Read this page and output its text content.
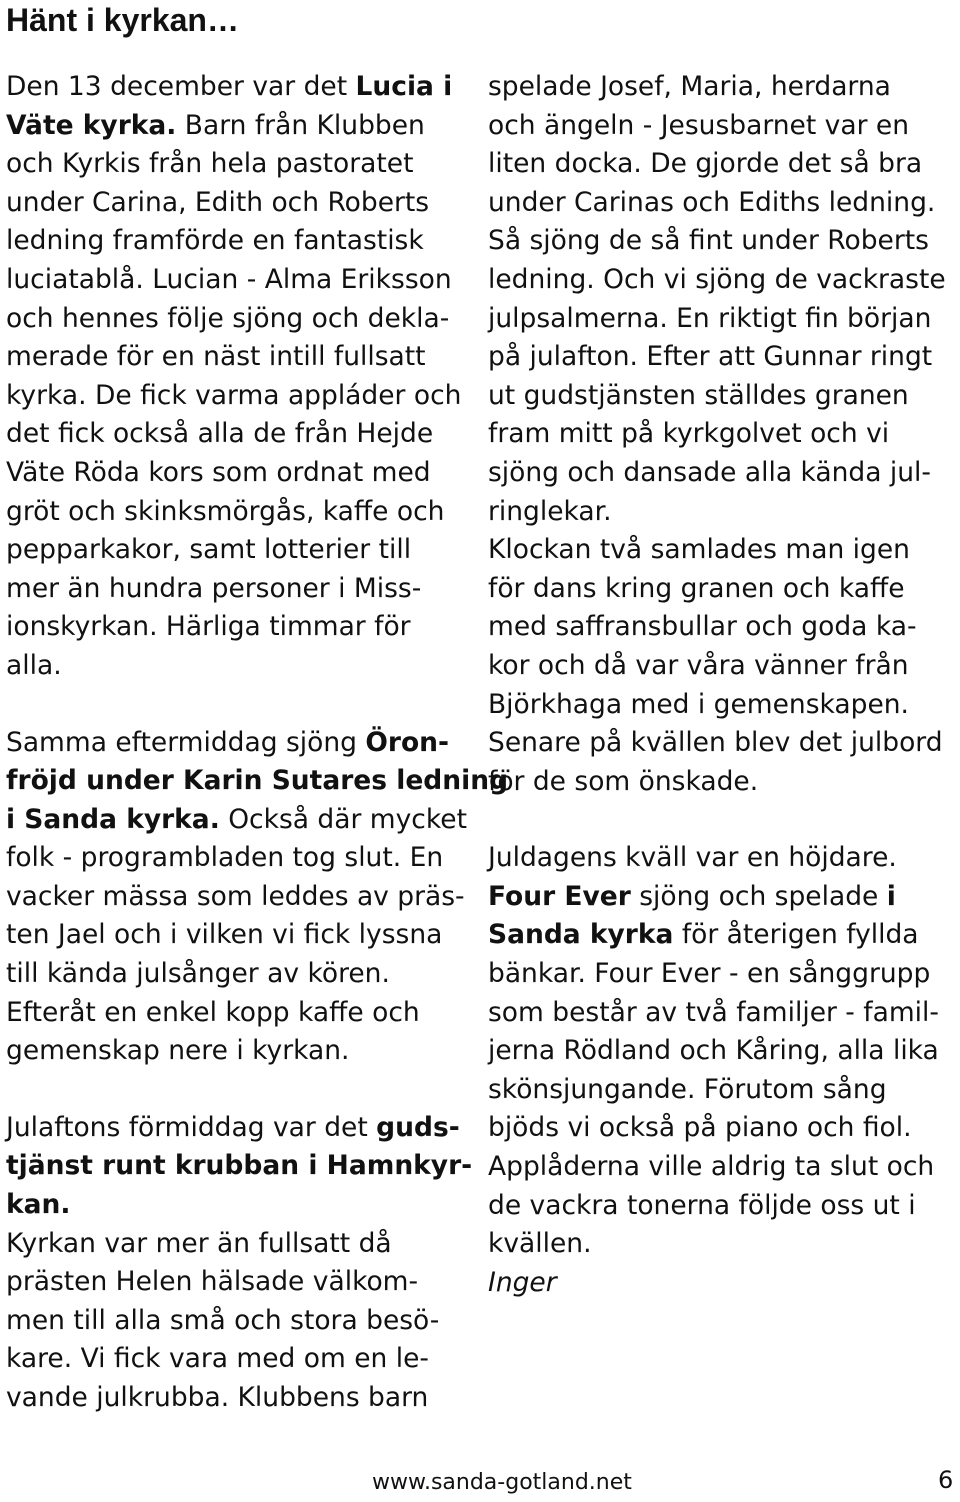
Hänt i kyrkan…
Den 13 december var det Lucia i
Väte kyrka. Barn från Klubben
och Kyrkis från hela pastoratet
under Carina, Edith och Roberts
ledning framförde en fantastisk
luciatablå. Lucian - Alma Eriksson
och hennes följe sjöng och dekla-
merade för en näst intill fullsatt
kyrka. De fick varma appláder och
det fick också alla de från Hejde
Väte Röda kors som ordnat med
gröt och skinksmörgås, kaffe och
pepparkakor, samt lotterier till
mer än hundra personer i Miss-
ionskyrkan. Härliga timmar för
alla.
Samma eftermiddag sjöng Öron-
fröjd under Karin Sutares ledning
i Sanda kyrka. Också där mycket
folk - programbladen tog slut. En
vacker mässa som leddes av präs-
ten Jael och i vilken vi fick lyssna
till kända julsånger av kören.
Efteråt en enkel kopp kaffe och
gemenskap nere i kyrkan.
Julaftons förmiddag var det guds-
tjänst runt krubban i Hamnkyr-
kan.
Kyrkan var mer än fullsatt då
prästen Helen hälsade välkom-
men till alla små och stora besö-
kare. Vi fick vara med om en le-
vande julkrubba. Klubbens barn
spelade Josef, Maria, herdarna
och ängeln - Jesusbarnet var en
liten docka. De gjorde det så bra
under Carinas och Ediths ledning.
Så sjöng de så fint under Roberts
ledning. Och vi sjöng de vackraste
julpsalmerna. En riktigt fin början
på julafton. Efter att Gunnar ringt
ut gudstjänsten ställdes granen
fram mitt på kyrkgolvet och vi
sjöng och dansade alla kända jul-
ringlekar.
Klockan två samlades man igen
för dans kring granen och kaffe
med saffransbullar och goda ka-
kor och då var våra vänner från
Björkhaga med i gemenskapen.
Senare på kvällen blev det julbord
för de som önskade.
Juldagens kväll var en höjdare.
Four Ever sjöng och spelade i
Sanda kyrka för återigen fyllda
bänkar. Four Ever - en sånggrupp
som består av två familjer - famil-
jerna Rödland och Kåring, alla lika
skönsjungande. Förutom sång
bjöds vi också på piano och fiol.
Applåderna ville aldrig ta slut och
de vackra tonerna följde oss ut i
kvällen.
Inger
www.sanda-gotland.net	6
